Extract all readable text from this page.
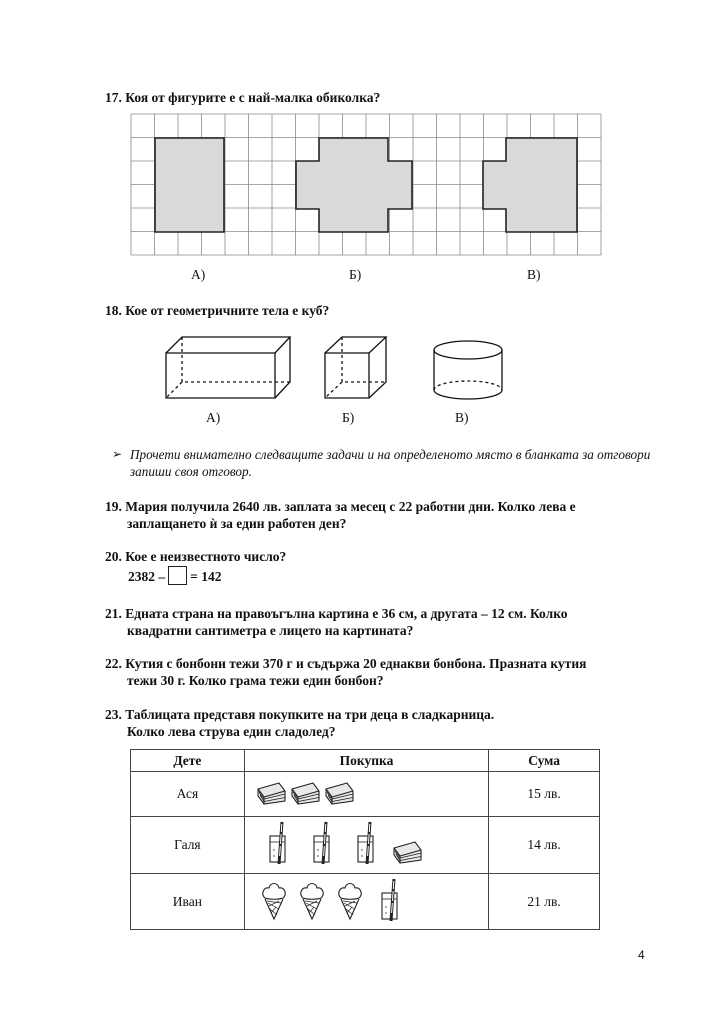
17. Коя от фигурите е с най-малка обиколка?
А)	Б)	В)
18. Кое от геометричните тела е куб?
А)	Б)	В)
➢ Прочети внимателно следващите задачи и на определеното място в бланката за отговори запиши своя отговор.
19. Мария получила 2640 лв. заплата за месец с 22 работни дни. Колко лева е
заплащането ѝ за един работен ден?
20. Кое е неизвестното число?
2382 – = 142
21. Едната страна на правоъгълна картина е 36 см, а другата – 12 см. Колко
квадратни сантиметра е лицето на картината?
22. Кутия с бонбони тежи 370 г и съдържа 20 еднакви бонбона. Празната кутия
тежи 30 г. Колко грама тежи един бонбон?
23. Таблицата представя покупките на три деца в сладкарница.
Колко лева струва един сладолед?
Дете	Покупка	Сума
Ася		15 лв.
Галя		14 лв.
Иван		21 лв.
4
